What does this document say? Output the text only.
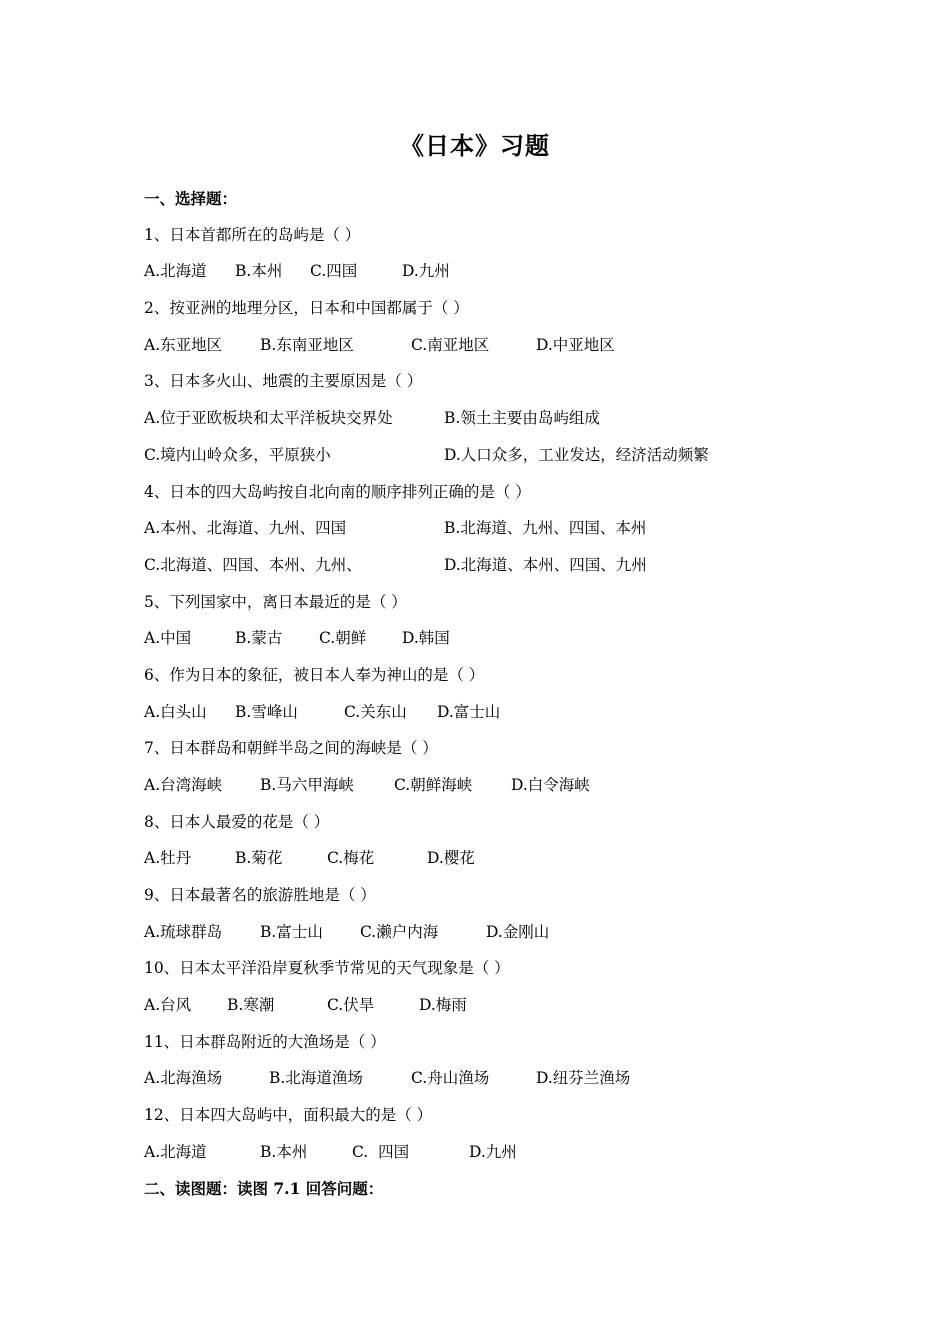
《日本》习题
一、选择题：
1、日本首都所在的岛屿是（ ）
A.北海道 B.本州 C.四国	D.九州
2、按亚洲的地理分区，日本和中国都属于（ ）
A.东亚地区 B.东南亚地区	C.南亚地区	D.中亚地区
3、日本多火山、地震的主要原因是（ ）
A.位于亚欧板块和太平洋板块交界处	B.领土主要由岛屿组成
C.境内山岭众多，平原狭小	D.人口众多，工业发达，经济活动频繁
4、日本的四大岛屿按自北向南的顺序排列正确的是（ ）
A.本州、北海道、九州、四国	B.北海道、九州、四国、本州
C.北海道、四国、本州、九州、	D.北海道、本州、四国、九州
5、下列国家中，离日本最近的是（ ）
A.中国	B.蒙古 C.朝鲜 D.韩国
6、作为日本的象征，被日本人奉为神山的是（ ）
A.白头山 B.雪峰山	C.关东山 D.富士山
7、日本群岛和朝鲜半岛之间的海峡是（ ）
A.台湾海峡 B.马六甲海峡	C.朝鲜海峡	D.白令海峡
8、日本人最爱的花是（ ）
A.牡丹	B.菊花	C.梅花	D.樱花
9、日本最著名的旅游胜地是（ ）
A.琉球群岛 B.富士山 C.濑户内海	D.金刚山
10、日本太平洋沿岸夏秋季节常见的天气现象是（ ）
A.台风 B.寒潮	C.伏旱	D.梅雨
11、日本群岛附近的大渔场是（ ）
A.北海渔场	B.北海道渔场	C.舟山渔场	D.纽芬兰渔场
12、日本四大岛屿中，面积最大的是（ ）
A.北海道	B.本州	C.  四国	D.九州
二、读图题：读图 7.1 回答问题：
